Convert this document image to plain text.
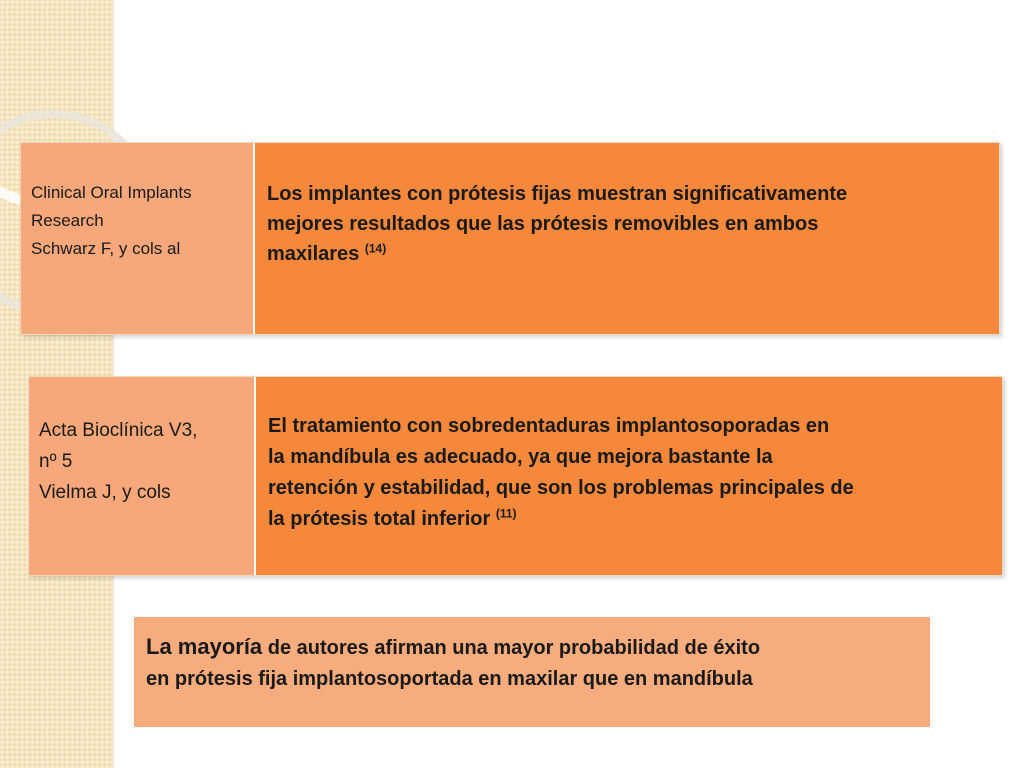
Clinical Oral Implants
Research
Schwarz F, y cols al
Los implantes con prótesis fijas muestran significativamente
mejores resultados que las prótesis removibles en ambos
maxilares $^{(14)}$
Acta Bioclínica V3,
nº 5
Vielma J, y cols
El tratamiento con sobredentaduras implantosoporadas en
la mandíbula es adecuado, ya que mejora bastante la
retención y estabilidad, que son los problemas principales de
la prótesis total inferior $^{(11)}$
La mayoría de autores afirman una mayor probabilidad de éxito
en prótesis fija implantosoportada en maxilar que en mandíbula
